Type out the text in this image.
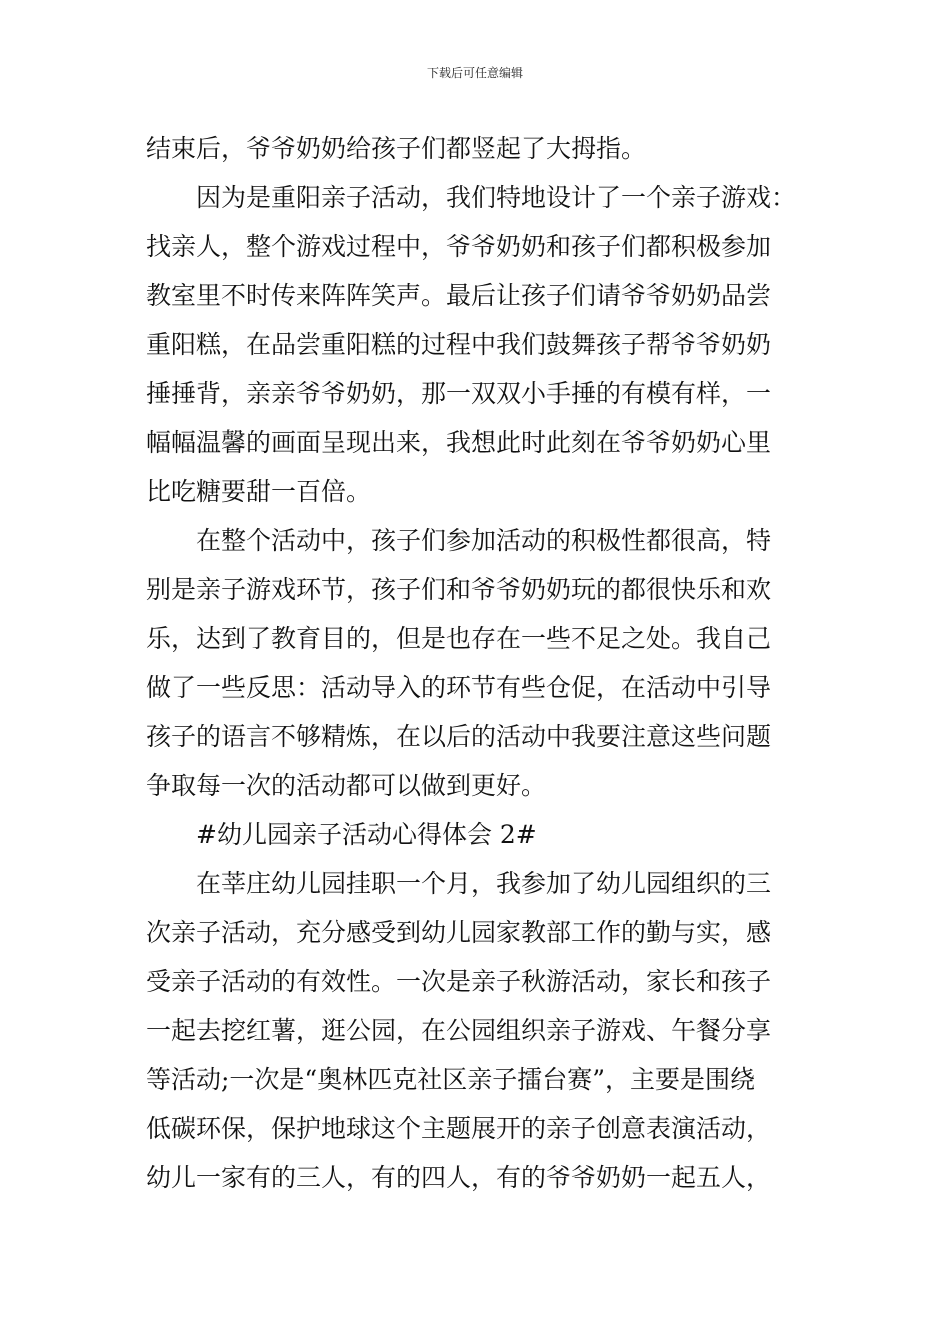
下载后可任意编辑
结束后，爷爷奶奶给孩子们都竖起了大拇指。
因为是重阳亲子活动，我们特地设计了一个亲子游戏：
找亲人，整个游戏过程中，爷爷奶奶和孩子们都积极参加
教室里不时传来阵阵笑声。最后让孩子们请爷爷奶奶品尝
重阳糕，在品尝重阳糕的过程中我们鼓舞孩子帮爷爷奶奶
捶捶背，亲亲爷爷奶奶，那一双双小手捶的有模有样，一
幅幅温馨的画面呈现出来，我想此时此刻在爷爷奶奶心里
比吃糖要甜一百倍。
在整个活动中，孩子们参加活动的积极性都很高，特
别是亲子游戏环节，孩子们和爷爷奶奶玩的都很快乐和欢
乐，达到了教育目的，但是也存在一些不足之处。我自己
做了一些反思：活动导入的环节有些仓促，在活动中引导
孩子的语言不够精炼，在以后的活动中我要注意这些问题
争取每一次的活动都可以做到更好。
#幼儿园亲子活动心得体会 2#
在莘庄幼儿园挂职一个月，我参加了幼儿园组织的三
次亲子活动，充分感受到幼儿园家教部工作的勤与实，感
受亲子活动的有效性。一次是亲子秋游活动，家长和孩子
一起去挖红薯，逛公园，在公园组织亲子游戏、午餐分享
等活动;一次是“奥林匹克社区亲子擂台赛”，主要是围绕
低碳环保，保护地球这个主题展开的亲子创意表演活动，
幼儿一家有的三人，有的四人，有的爷爷奶奶一起五人，
